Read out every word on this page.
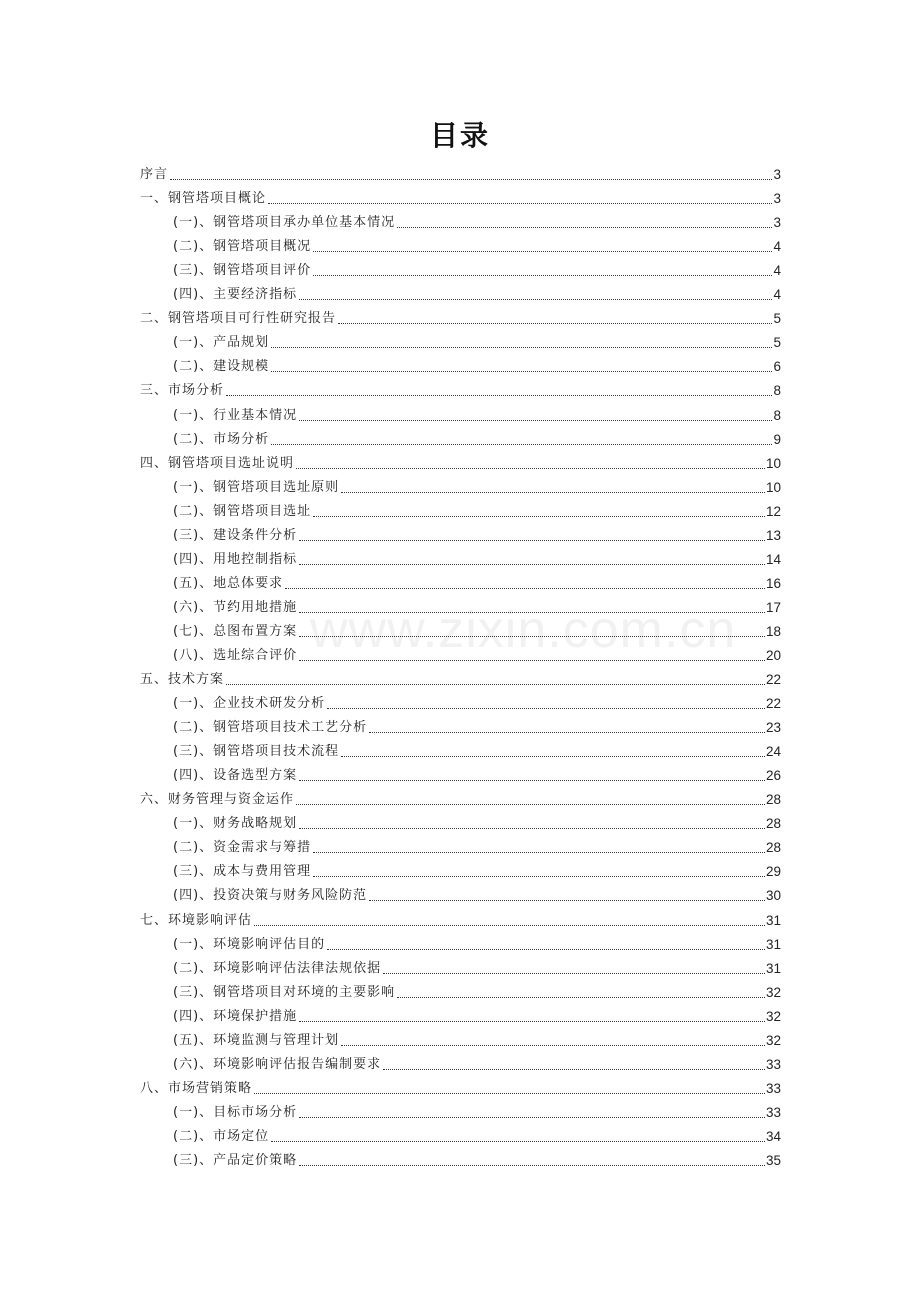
www.zixin.com.cn
目录
序言	3
一、钢管塔项目概论	3
(一)、钢管塔项目承办单位基本情况	3
(二)、钢管塔项目概况	4
(三)、钢管塔项目评价	4
(四)、主要经济指标	4
二、钢管塔项目可行性研究报告	5
(一)、产品规划	5
(二)、建设规模	6
三、市场分析	8
(一)、行业基本情况	8
(二)、市场分析	9
四、钢管塔项目选址说明	10
(一)、钢管塔项目选址原则	10
(二)、钢管塔项目选址	12
(三)、建设条件分析	13
(四)、用地控制指标	14
(五)、地总体要求	16
(六)、节约用地措施	17
(七)、总图布置方案	18
(八)、选址综合评价	20
五、技术方案	22
(一)、企业技术研发分析	22
(二)、钢管塔项目技术工艺分析	23
(三)、钢管塔项目技术流程	24
(四)、设备选型方案	26
六、财务管理与资金运作	28
(一)、财务战略规划	28
(二)、资金需求与筹措	28
(三)、成本与费用管理	29
(四)、投资决策与财务风险防范	30
七、环境影响评估	31
(一)、环境影响评估目的	31
(二)、环境影响评估法律法规依据	31
(三)、钢管塔项目对环境的主要影响	32
(四)、环境保护措施	32
(五)、环境监测与管理计划	32
(六)、环境影响评估报告编制要求	33
八、市场营销策略	33
(一)、目标市场分析	33
(二)、市场定位	34
(三)、产品定价策略	35
